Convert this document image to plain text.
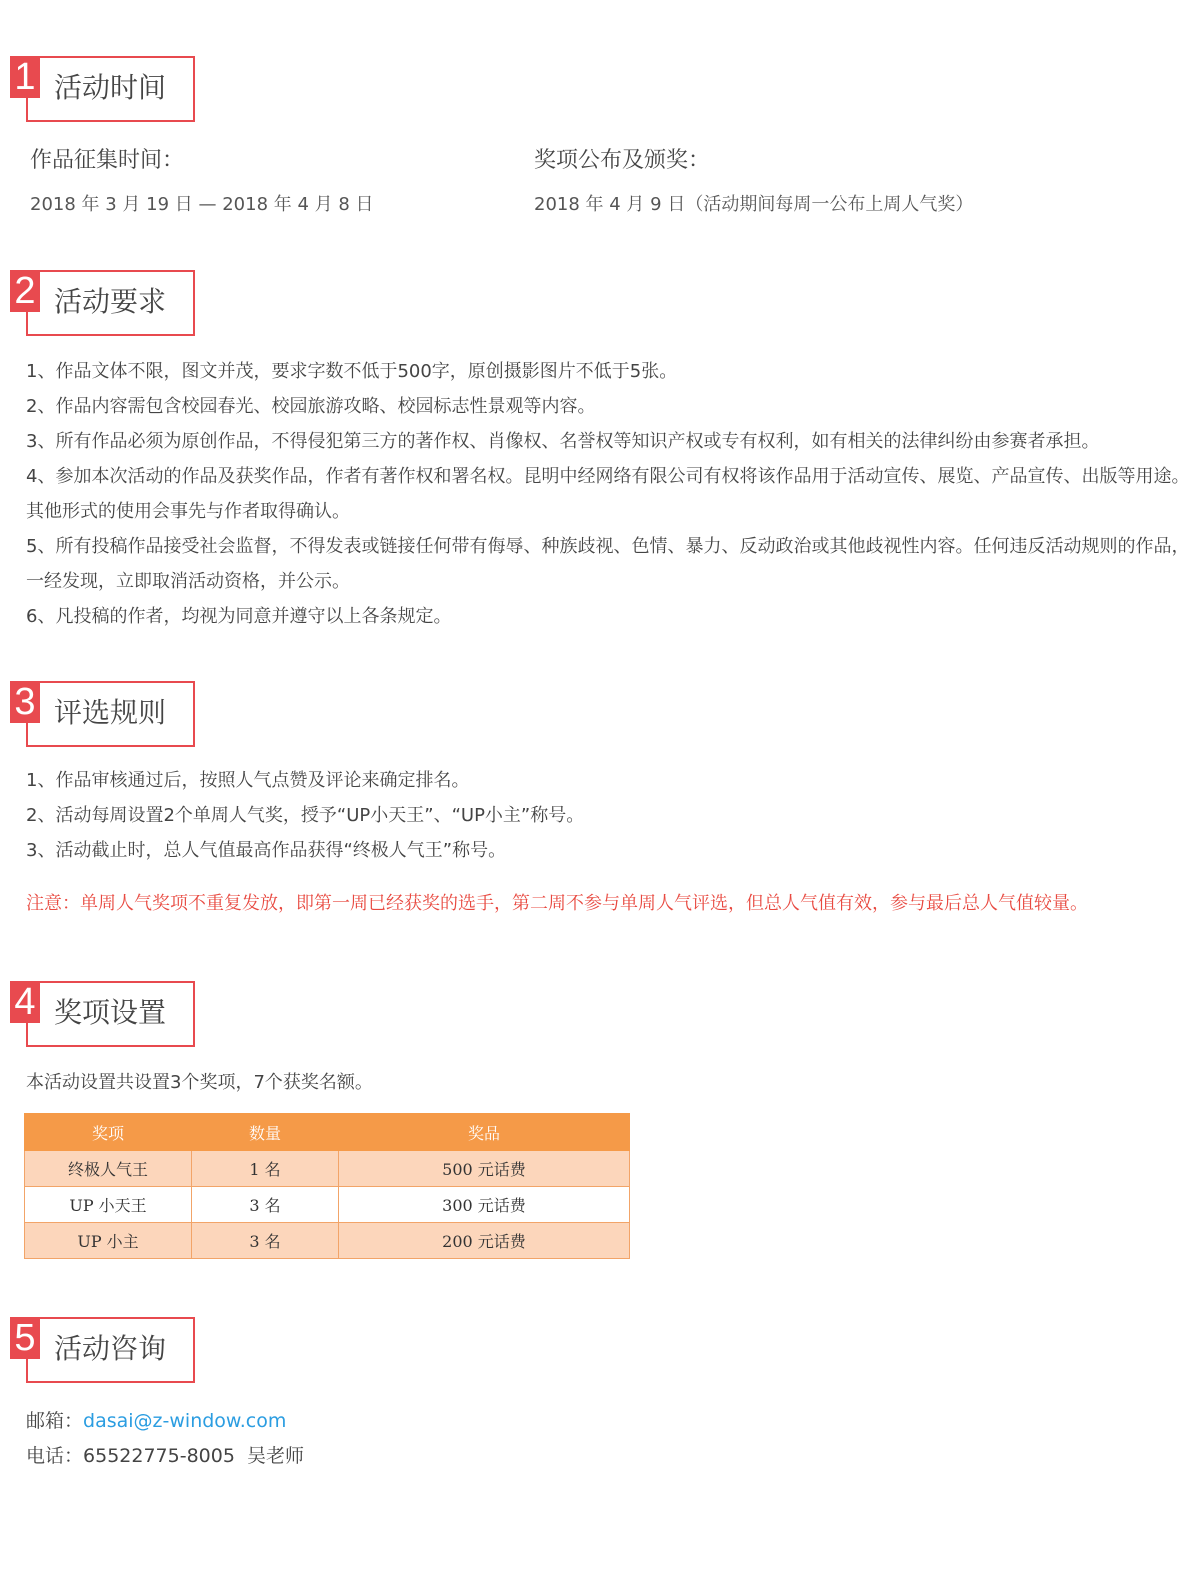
1 活动时间
作品征集时间：
2018 年 3 月 19 日 — 2018 年 4 月 8 日
奖项公布及颁奖：
2018 年 4 月 9 日（活动期间每周一公布上周人气奖）
2 活动要求

1、作品文体不限，图文并茂，要求字数不低于500字，原创摄影图片不低于5张。

2、作品内容需包含校园春光、校园旅游攻略、校园标志性景观等内容。

3、所有作品必须为原创作品，不得侵犯第三方的著作权、肖像权、名誉权等知识产权或专有权利，如有相关的法律纠纷由参赛者承担。

4、参加本次活动的作品及获奖作品，作者有著作权和署名权。昆明中经网络有限公司有权将该作品用于活动宣传、展览、产品宣传、出版等用途。其他形式的使用会事先与作者取得确认。

5、所有投稿作品接受社会监督，不得发表或链接任何带有侮辱、种族歧视、色情、暴力、反动政治或其他歧视性内容。任何违反活动规则的作品，一经发现，立即取消活动资格，并公示。

6、凡投稿的作者，均视为同意并遵守以上各条规定。

3 评选规则

1、作品审核通过后，按照人气点赞及评论来确定排名。

2、活动每周设置2个单周人气奖，授予“UP小天王”、“UP小主”称号。

3、活动截止时，总人气值最高作品获得“终极人气王”称号。

注意：单周人气奖项不重复发放，即第一周已经获奖的选手，第二周不参与单周人气评选，但总人气值有效，参与最后总人气值较量。
4 奖项设置
本活动设置共设置3个奖项，7个获奖名额。
奖项	数量	奖品
终极人气王	1 名	500 元话费
UP 小天王	3 名	300 元话费
UP 小主	3 名	200 元话费
5 活动咨询
邮箱：dasai@z-window.com
电话：65522775-8005  吴老师
